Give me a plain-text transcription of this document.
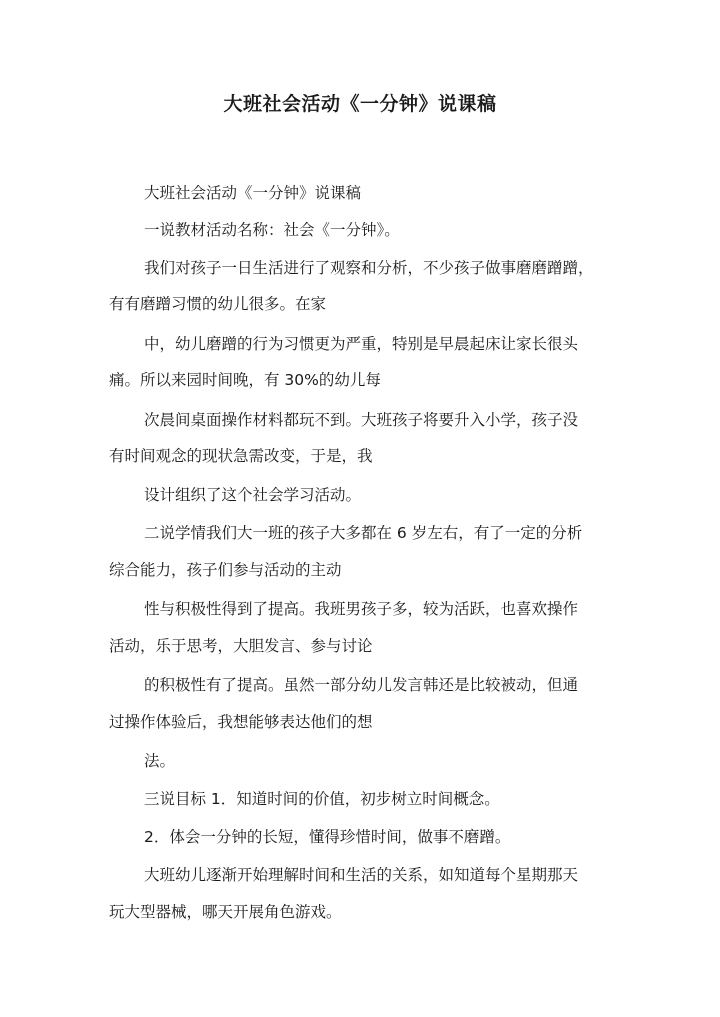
大班社会活动《一分钟》说课稿
大班社会活动《一分钟》说课稿
一说教材活动名称：社会《一分钟》。
我们对孩子一日生活进行了观察和分析，不少孩子做事磨磨蹭蹭，
有有磨蹭习惯的幼儿很多。在家
中，幼儿磨蹭的行为习惯更为严重，特别是早晨起床让家长很头
痛。所以来园时间晚，有 30%的幼儿每
次晨间桌面操作材料都玩不到。大班孩子将要升入小学，孩子没
有时间观念的现状急需改变，于是，我
设计组织了这个社会学习活动。
二说学情我们大一班的孩子大多都在 6 岁左右，有了一定的分析
综合能力，孩子们参与活动的主动
性与积极性得到了提高。我班男孩子多，较为活跃，也喜欢操作
活动，乐于思考，大胆发言、参与讨论
的积极性有了提高。虽然一部分幼儿发言韩还是比较被动，但通
过操作体验后，我想能够表达他们的想
法。
三说目标 1．知道时间的价值，初步树立时间概念。
2．体会一分钟的长短，懂得珍惜时间，做事不磨蹭。
大班幼儿逐渐开始理解时间和生活的关系，如知道每个星期那天
玩大型器械，哪天开展角色游戏。
